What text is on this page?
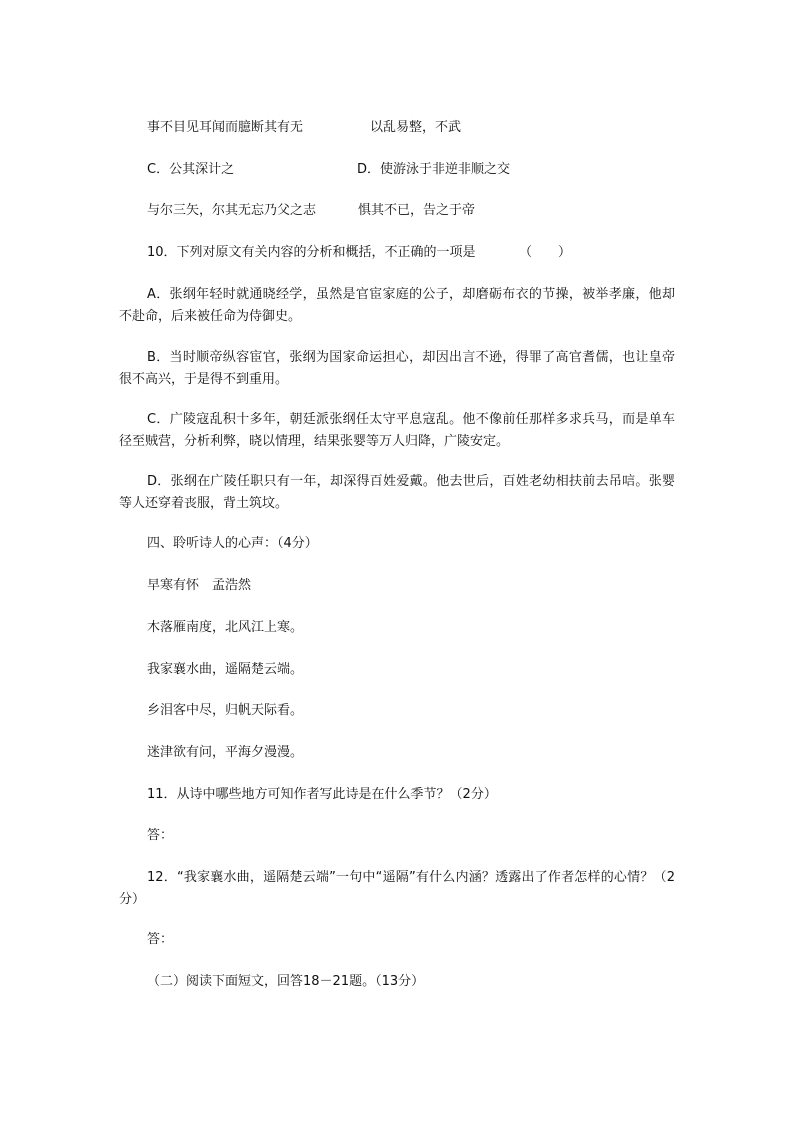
事不目见耳闻而臆断其有无	以乱易整，不武
C．公其深计之	D．使游泳于非逆非顺之交
与尔三矢，尔其无忘乃父之志	惧其不已，告之于帝
10．下列对原文有关内容的分析和概括，不正确的一项是	（　　）
A．张纲年轻时就通晓经学，虽然是官宦家庭的公子，却磨砺布衣的节操，被举孝廉，他却不赴命，后来被任命为侍御史。
B．当时顺帝纵容宦官，张纲为国家命运担心，却因出言不逊，得罪了高官耆儒，也让皇帝很不高兴，于是得不到重用。
C．广陵寇乱积十多年，朝廷派张纲任太守平息寇乱。他不像前任那样多求兵马，而是单车径至贼营，分析利弊，晓以情理，结果张婴等万人归降，广陵安定。
D．张纲在广陵任职只有一年，却深得百姓爱戴。他去世后，百姓老幼相扶前去吊唁。张婴等人还穿着丧服，背土筑坟。
四、聆听诗人的心声：（4分）
早寒有怀　孟浩然
木落雁南度，北风江上寒。
我家襄水曲，遥隔楚云端。
乡泪客中尽，归帆天际看。
迷津欲有问，平海夕漫漫。
11．从诗中哪些地方可知作者写此诗是在什么季节？（2分）
答：
12．“我家襄水曲，遥隔楚云端”一句中“遥隔”有什么内涵？透露出了作者怎样的心情？（2分）
答：
（二）阅读下面短文，回答18－21题。（13分）
